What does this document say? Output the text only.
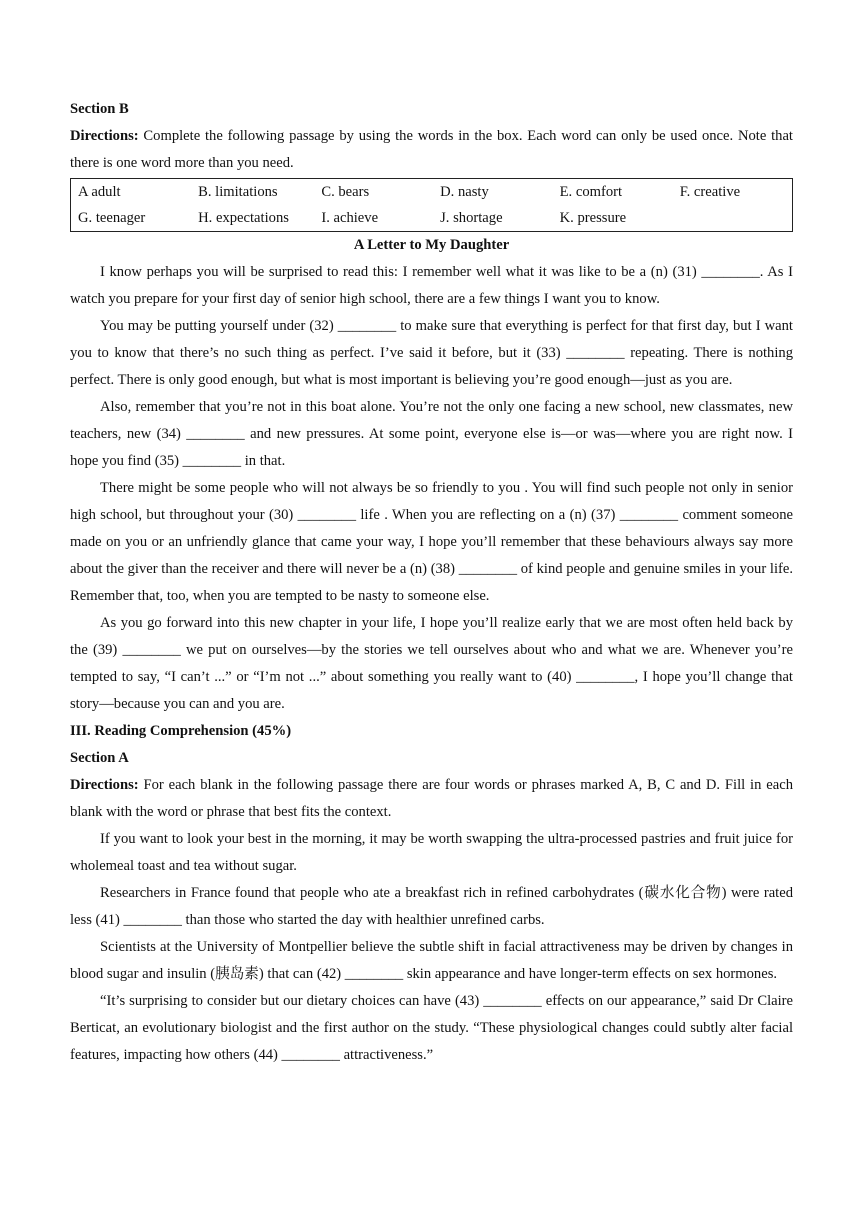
Section B

Directions: Complete the following passage by using the words in the box. Each word can only be used once. Note that there is one word more than you need.

A adult	B. limitations	C. bears	D. nasty	E. comfort	F. creative
G. teenager	H. expectations	I. achieve	J. shortage	K. pressure	
A Letter to My Daughter

I know perhaps you will be surprised to read this: I remember well what it was like to be a (n) (31) ________. As I watch you prepare for your first day of senior high school, there are a few things I want you to know.

You may be putting yourself under (32) ________ to make sure that everything is perfect for that first day, but I want you to know that there’s no such thing as perfect. I’ve said it before, but it (33) ________ repeating. There is nothing perfect. There is only good enough, but what is most important is believing you’re good enough—just as you are.

Also, remember that you’re not in this boat alone. You’re not the only one facing a new school, new classmates, new teachers, new (34) ________ and new pressures. At some point, everyone else is—or was—where you are right now. I hope you find (35) ________ in that.

There might be some people who will not always be so friendly to you . You will find such people not only in senior high school, but throughout your (30) ________ life . When you are reflecting on a (n) (37) ________ comment someone made on you or an unfriendly glance that came your way, I hope you’ll remember that these behaviours always say more about the giver than the receiver and there will never be a (n) (38) ________ of kind people and genuine smiles in your life. Remember that, too, when you are tempted to be nasty to someone else.

As you go forward into this new chapter in your life, I hope you’ll realize early that we are most often held back by the (39) ________ we put on ourselves—by the stories we tell ourselves about who and what we are. Whenever you’re tempted to say, “I can’t ...” or “I’m not ...” about something you really want to (40) ________, I hope you’ll change that story—because you can and you are.

III. Reading Comprehension (45%)
Section A

Directions: For each blank in the following passage there are four words or phrases marked A, B, C and D. Fill in each blank with the word or phrase that best fits the context.

If you want to look your best in the morning, it may be worth swapping the ultra-processed pastries and fruit juice for wholemeal toast and tea without sugar.

Researchers in France found that people who ate a breakfast rich in refined carbohydrates (碳水化合物) were rated less (41) ________ than those who started the day with healthier unrefined carbs.

Scientists at the University of Montpellier believe the subtle shift in facial attractiveness may be driven by changes in blood sugar and insulin (胰岛素) that can (42) ________ skin appearance and have longer-term effects on sex hormones.

“It’s surprising to consider but our dietary choices can have (43) ________ effects on our appearance,” said Dr Claire Berticat, an evolutionary biologist and the first author on the study. “These physiological changes could subtly alter facial features, impacting how others (44) ________ attractiveness.”
